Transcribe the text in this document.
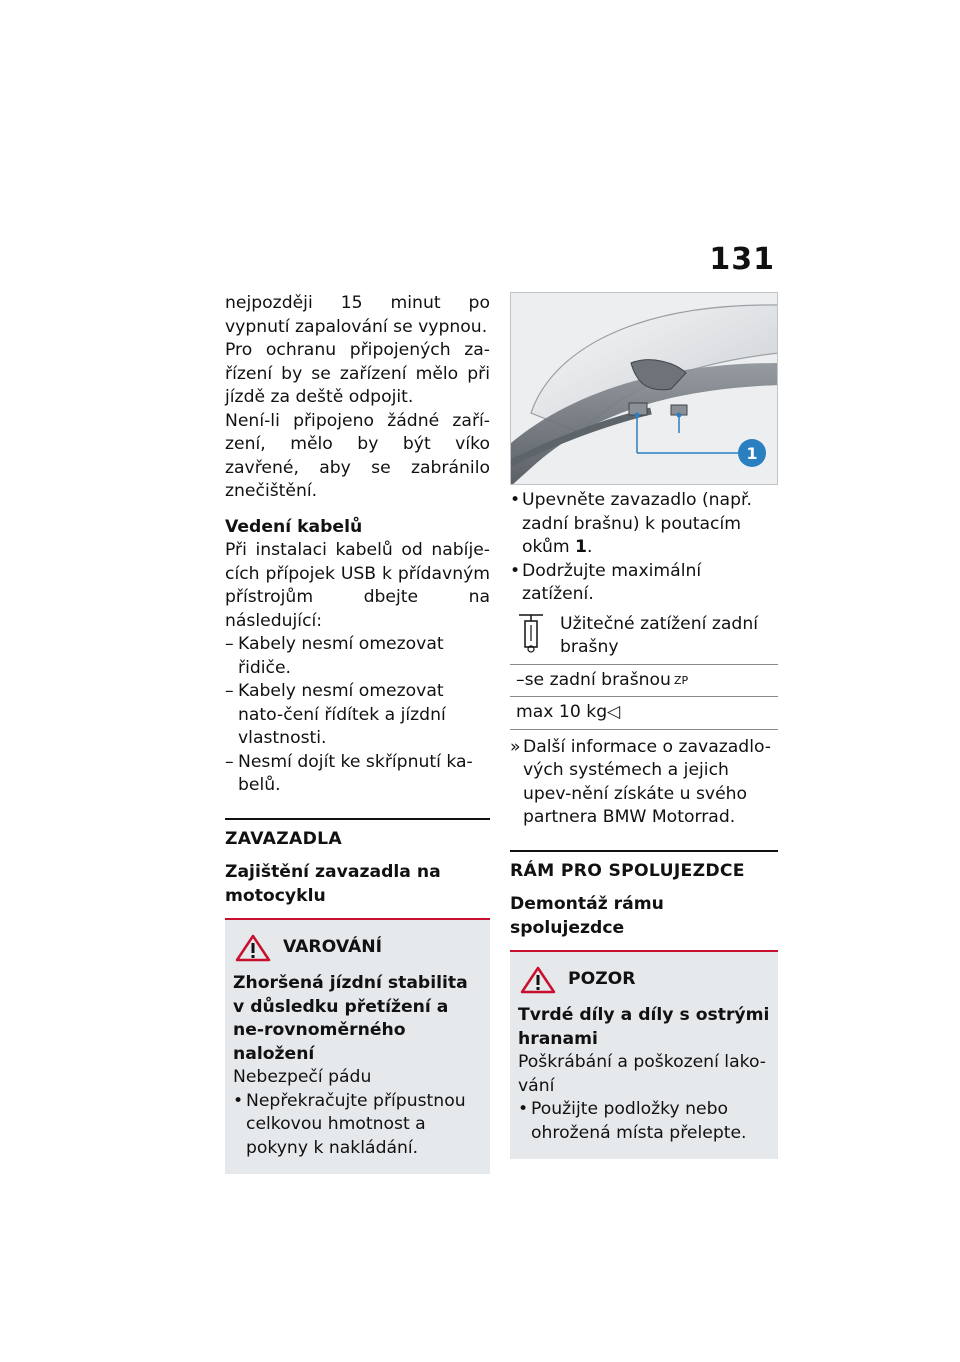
131

nejpozději 15 minut po vypnutí zapalování se vypnou.

Pro ochranu připojených za-řízení by se zařízení mělo při jízdě za deště odpojit.

Není-li připojeno žádné zaří-zení, mělo by být víko zavřené, aby se zabránilo znečištění.

Vedení kabelů

Při instalaci kabelů od nabíje-cích přípojek USB k přídavným přístrojům dbejte na následující:

– Kabely nesmí omezovat řidiče.
– Kabely nesmí omezovat nato-čení řídítek a jízdní vlastnosti.
– Nesmí dojít ke skřípnutí ka-belů.
ZAVAZADLA
Zajištění zavazadla na motocyklu
VAROVÁNÍ

Zhoršená jízdní stabilita v důsledku přetížení a ne-rovnoměrného naložení

Nebezpečí pádu

• Nepřekračujte přípustnou celkovou hmotnost a pokyny k nakládání.
1
• Upevněte zavazadlo (např. zadní brašnu) k poutacím okům 1.
• Dodržujte maximální zatížení.
Užitečné zatížení zadní brašny
–se zadní brašnou ZP
max 10 kg◁
» Další informace o zavazadlo-vých systémech a jejich upev-nění získáte u svého partnera BMW Motorrad.
RÁM PRO SPOLUJEZDCE
Demontáž rámu spolujezdce
POZOR

Tvrdé díly a díly s ostrými hranami

Poškrábání a poškození lako-vání

• Použijte podložky nebo ohrožená místa přelepte.
